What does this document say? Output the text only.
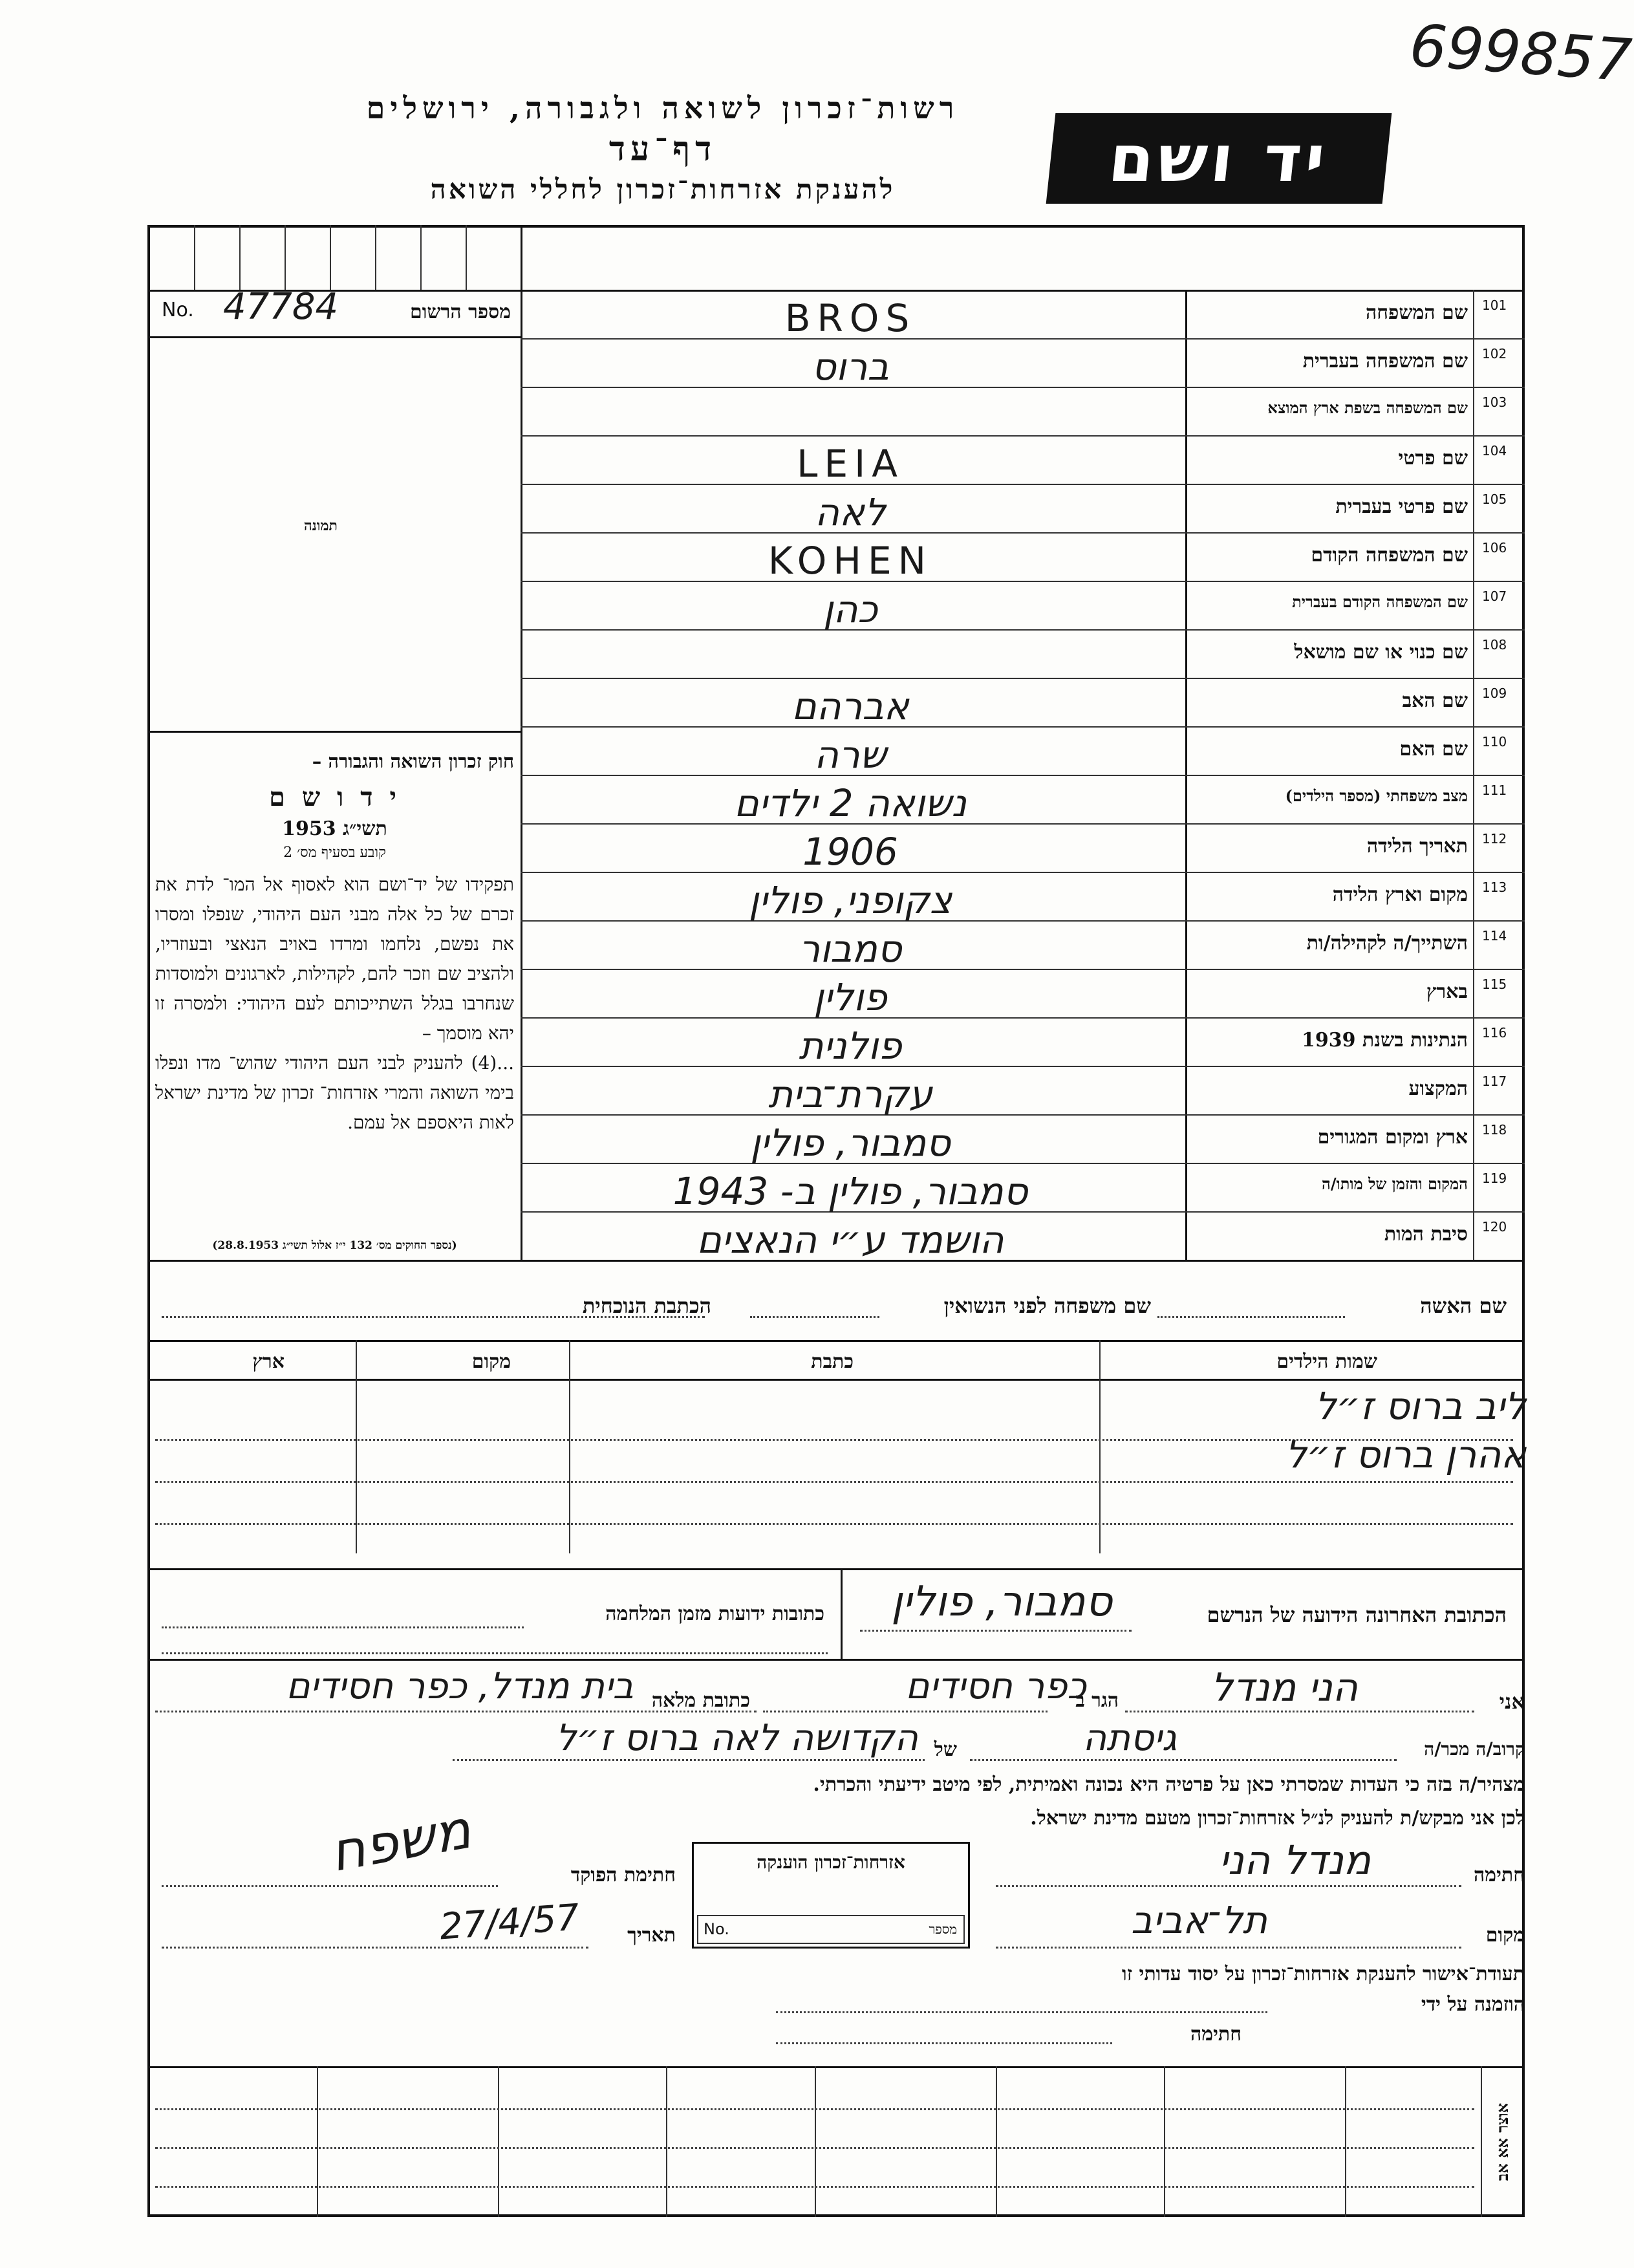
699857
יד ושם
רשות־זכרון לשואה ולגבורה, ירושלים
דף־עד
להענקת אזרחות־זכרון לחללי השואה
No. 47784	מספר הרשום
תמונה
חוק זכרון השואה והגבורה –
י ד ו ש ם
תשי״ג 1953
קובע בסעיף מס׳ 2
תפקידו של יד־ושם הוא לאסוף אל המו־ לדת את זכרם של כל אלה מבני העם היהודי, שנפלו ומסרו את נפשם, נלחמו ומרדו באויב הנאצי ובעוזריו, ולהציב שם וזכר להם, לקהילות, לארגונים ולמוסדות שנחרבו בגלל השתייכותם לעם היהודי: ולמסרה זו יהא מוסמך –
...(4) להעניק לבני העם היהודי שהוש־ מדו ונפלו בימי השואה והמרי אזרחות־ זכרון של מדינת ישראל לאות היאספם אל עמם.
(נספר החוקים מס׳ 132 י״ז אלול תשי״ג 28.8.1953)
101
שם המשפחה
BROS
102
שם המשפחה בעברית
ברוס
103
שם המשפחה בשפת ארץ המוצא
104
שם פרטי
LEIA
105
שם פרטי בעברית
לאה
106
שם המשפחה הקודם
KOHEN
107
שם המשפחה הקודם בעברית
כהן
108
שם כנוי או שם מושאל
109
שם האב
אברהם
110
שם האם
שרה
111
מצב משפחתי (מספר הילדים)
נשואה 2 ילדים
112
תאריך הלידה
1906
113
מקום וארץ הלידה
צקופני, פולין
114
השתייך/ה לקהילה/ות
סמבור
115
בארץ
פולין
116
הנתינות בשנת 1939
פולנית
117
המקצוע
עקרת־בית
118
ארץ ומקום המגורים
סמבור, פולין
119
המקום והזמן של מותו/ה
סמבור, פולין ב- 1943
120
סיבת המות
הושמד ע״י הנאצים
שם האשה
שם משפחה לפני הנשואין
הכתבת הנוכחית
שמות הילדים
כתבת
מקום
ארץ
ליב ברוס ז״ל
אהרן ברוס ז״ל
הכתובת האחרונה הידועה של הנרשם
סמבור, פולין
כתובות ידועות מזמן המלחמה
אני
הני מנדל
הגר ב
כפר חסידים
כתובת מלאה
בית מנדל, כפר חסידים
קרוב/ה מכר/ה
גיסתה
של
הקדושה לאה ברוס ז״ל
מצהיר/ה בזה כי העדות שמסרתי כאן על פרטיה היא נכונה ואמיתית, לפי מיטב ידיעתי והכרתי.
לכן אני מבקש/ת להעניק לנ״ל אזרחות־זכרון מטעם מדינת ישראל.
חתימה
מנדל הני
מקום
תל־אביב
אזרחות־זכרון הוענקה
No.	מספר
חתימת הפוקד
משפח
תאריך
27/4/57
תעודת־אישור להענקת אזרחות־זכרון על יסוד עדותי זו
הוזמנה על ידי
חתימה
אוצר אא אב
